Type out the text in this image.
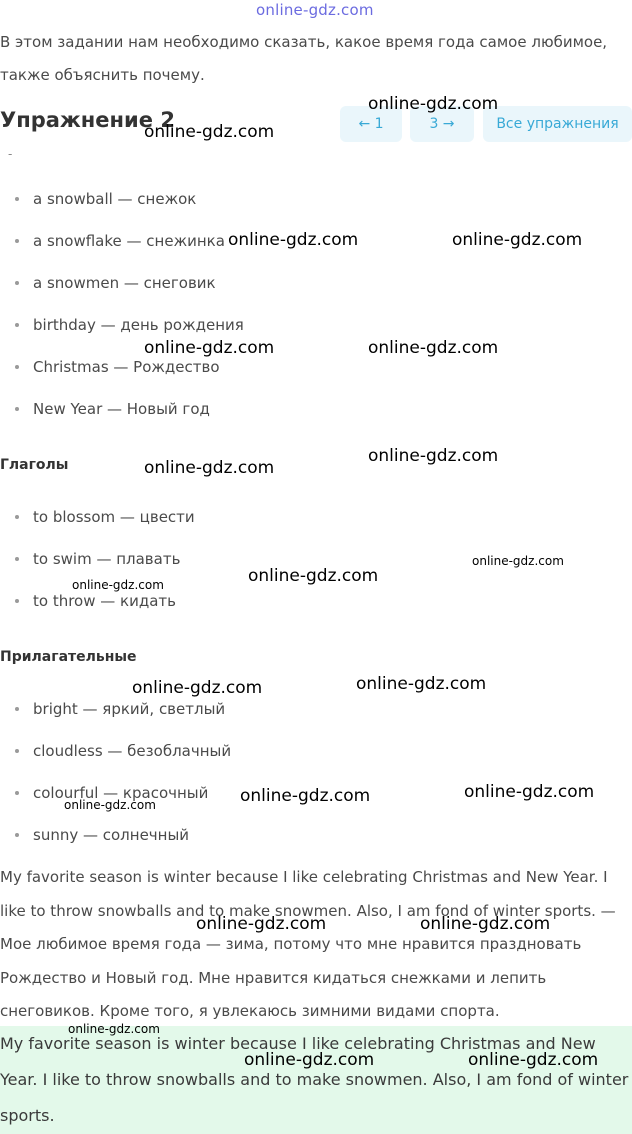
online-gdz.com
В этом задании нам необходимо сказать, какое время года самое любимое, также объяснить почему.
Упражнение 2	← 1	3 →	Все упражнения
-
a snowball — снежок
a snowflake — снежинка
a snowmen — снеговик
birthday — день рождения
Christmas — Рождество
New Year — Новый год
Глаголы
to blossom — цвести
to swim — плавать
to throw — кидать
Прилагательные
bright — яркий, светлый
cloudless — безоблачный
colourful — красочный
sunny — солнечный
My favorite season is winter because I like celebrating Christmas and New Year. I like to throw snowballs and to make snowmen. Also, I am fond of winter sports. — Мое любимое время года — зима, потому что мне нравится праздновать Рождество и Новый год. Мне нравится кидаться снежками и лепить снеговиков. Кроме того, я увлекаюсь зимними видами спорта.
My favorite season is winter because I like celebrating Christmas and New Year. I like to throw snowballs and to make snowmen. Also, I am fond of winter sports.
online-gdz.com
online-gdz.com
online-gdz.com	online-gdz.com
online-gdz.com	online-gdz.com
online-gdz.com
online-gdz.com
online-gdz.com
online-gdz.com
online-gdz.com
online-gdz.com
online-gdz.com
online-gdz.com
online-gdz.com
online-gdz.com
online-gdz.com	online-gdz.com
online-gdz.com
online-gdz.com	online-gdz.com
